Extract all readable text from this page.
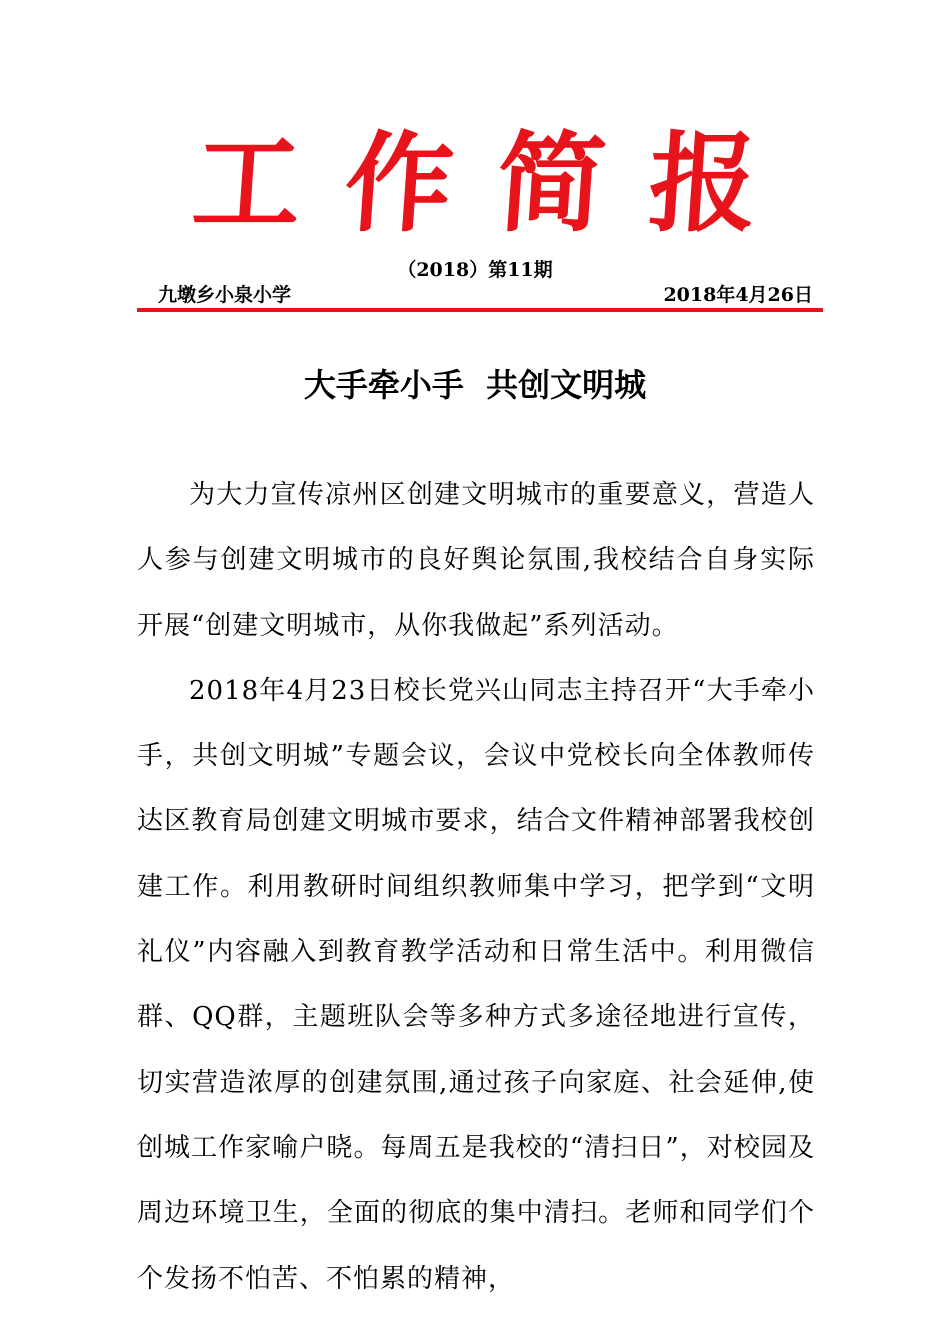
工作简报
（2018）第11期
九墩乡小泉小学	2018年4月26日
大手牵小手  共创文明城

为大力宣传凉州区创建文明城市的重要意义，营造人人参与创建文明城市的良好舆论氛围,我校结合自身实际开展“创建文明城市，从你我做起”系列活动。

2018年4月23日校长党兴山同志主持召开“大手牵小手，共创文明城”专题会议，会议中党校长向全体教师传达区教育局创建文明城市要求，结合文件精神部署我校创建工作。利用教研时间组织教师集中学习，把学到“文明礼仪”内容融入到教育教学活动和日常生活中。利用微信群、QQ群，主题班队会等多种方式多途径地进行宣传，切实营造浓厚的创建氛围,通过孩子向家庭、社会延伸,使创城工作家喻户晓。每周五是我校的“清扫日”，对校园及周边环境卫生，全面的彻底的集中清扫。老师和同学们个个发扬不怕苦、不怕累的精神，
